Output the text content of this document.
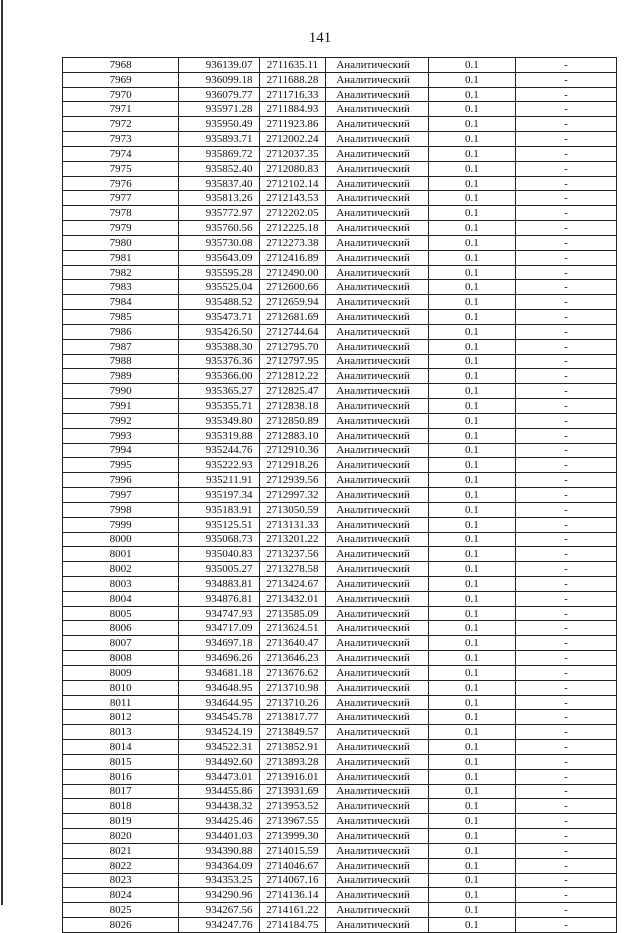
141
7968	936139.07	2711635.11	Аналитический	0.1	-
7969	936099.18	2711688.28	Аналитический	0.1	-
7970	936079.77	2711716.33	Аналитический	0.1	-
7971	935971.28	2711884.93	Аналитический	0.1	-
7972	935950.49	2711923.86	Аналитический	0.1	-
7973	935893.71	2712002.24	Аналитический	0.1	-
7974	935869.72	2712037.35	Аналитический	0.1	-
7975	935852.40	2712080.83	Аналитический	0.1	-
7976	935837.40	2712102.14	Аналитический	0.1	-
7977	935813.26	2712143.53	Аналитический	0.1	-
7978	935772.97	2712202.05	Аналитический	0.1	-
7979	935760.56	2712225.18	Аналитический	0.1	-
7980	935730.08	2712273.38	Аналитический	0.1	-
7981	935643.09	2712416.89	Аналитический	0.1	-
7982	935595.28	2712490.00	Аналитический	0.1	-
7983	935525.04	2712600.66	Аналитический	0.1	-
7984	935488.52	2712659.94	Аналитический	0.1	-
7985	935473.71	2712681.69	Аналитический	0.1	-
7986	935426.50	2712744.64	Аналитический	0.1	-
7987	935388.30	2712795.70	Аналитический	0.1	-
7988	935376.36	2712797.95	Аналитический	0.1	-
7989	935366.00	2712812.22	Аналитический	0.1	-
7990	935365.27	2712825.47	Аналитический	0.1	-
7991	935355.71	2712838.18	Аналитический	0.1	-
7992	935349.80	2712850.89	Аналитический	0.1	-
7993	935319.88	2712883.10	Аналитический	0.1	-
7994	935244.76	2712910.36	Аналитический	0.1	-
7995	935222.93	2712918.26	Аналитический	0.1	-
7996	935211.91	2712939.56	Аналитический	0.1	-
7997	935197.34	2712997.32	Аналитический	0.1	-
7998	935183.91	2713050.59	Аналитический	0.1	-
7999	935125.51	2713131.33	Аналитический	0.1	-
8000	935068.73	2713201.22	Аналитический	0.1	-
8001	935040.83	2713237.56	Аналитический	0.1	-
8002	935005.27	2713278.58	Аналитический	0.1	-
8003	934883.81	2713424.67	Аналитический	0.1	-
8004	934876.81	2713432.01	Аналитический	0.1	-
8005	934747.93	2713585.09	Аналитический	0.1	-
8006	934717.09	2713624.51	Аналитический	0.1	-
8007	934697.18	2713640.47	Аналитический	0.1	-
8008	934696.26	2713646.23	Аналитический	0.1	-
8009	934681.18	2713676.62	Аналитический	0.1	-
8010	934648.95	2713710.98	Аналитический	0.1	-
8011	934644.95	2713710.26	Аналитический	0.1	-
8012	934545.78	2713817.77	Аналитический	0.1	-
8013	934524.19	2713849.57	Аналитический	0.1	-
8014	934522.31	2713852.91	Аналитический	0.1	-
8015	934492.60	2713893.28	Аналитический	0.1	-
8016	934473.01	2713916.01	Аналитический	0.1	-
8017	934455.86	2713931.69	Аналитический	0.1	-
8018	934438.32	2713953.52	Аналитический	0.1	-
8019	934425.46	2713967.55	Аналитический	0.1	-
8020	934401.03	2713999.30	Аналитический	0.1	-
8021	934390.88	2714015.59	Аналитический	0.1	-
8022	934364.09	2714046.67	Аналитический	0.1	-
8023	934353.25	2714067.16	Аналитический	0.1	-
8024	934290.96	2714136.14	Аналитический	0.1	-
8025	934267.56	2714161.22	Аналитический	0.1	-
8026	934247.76	2714184.75	Аналитический	0.1	-
